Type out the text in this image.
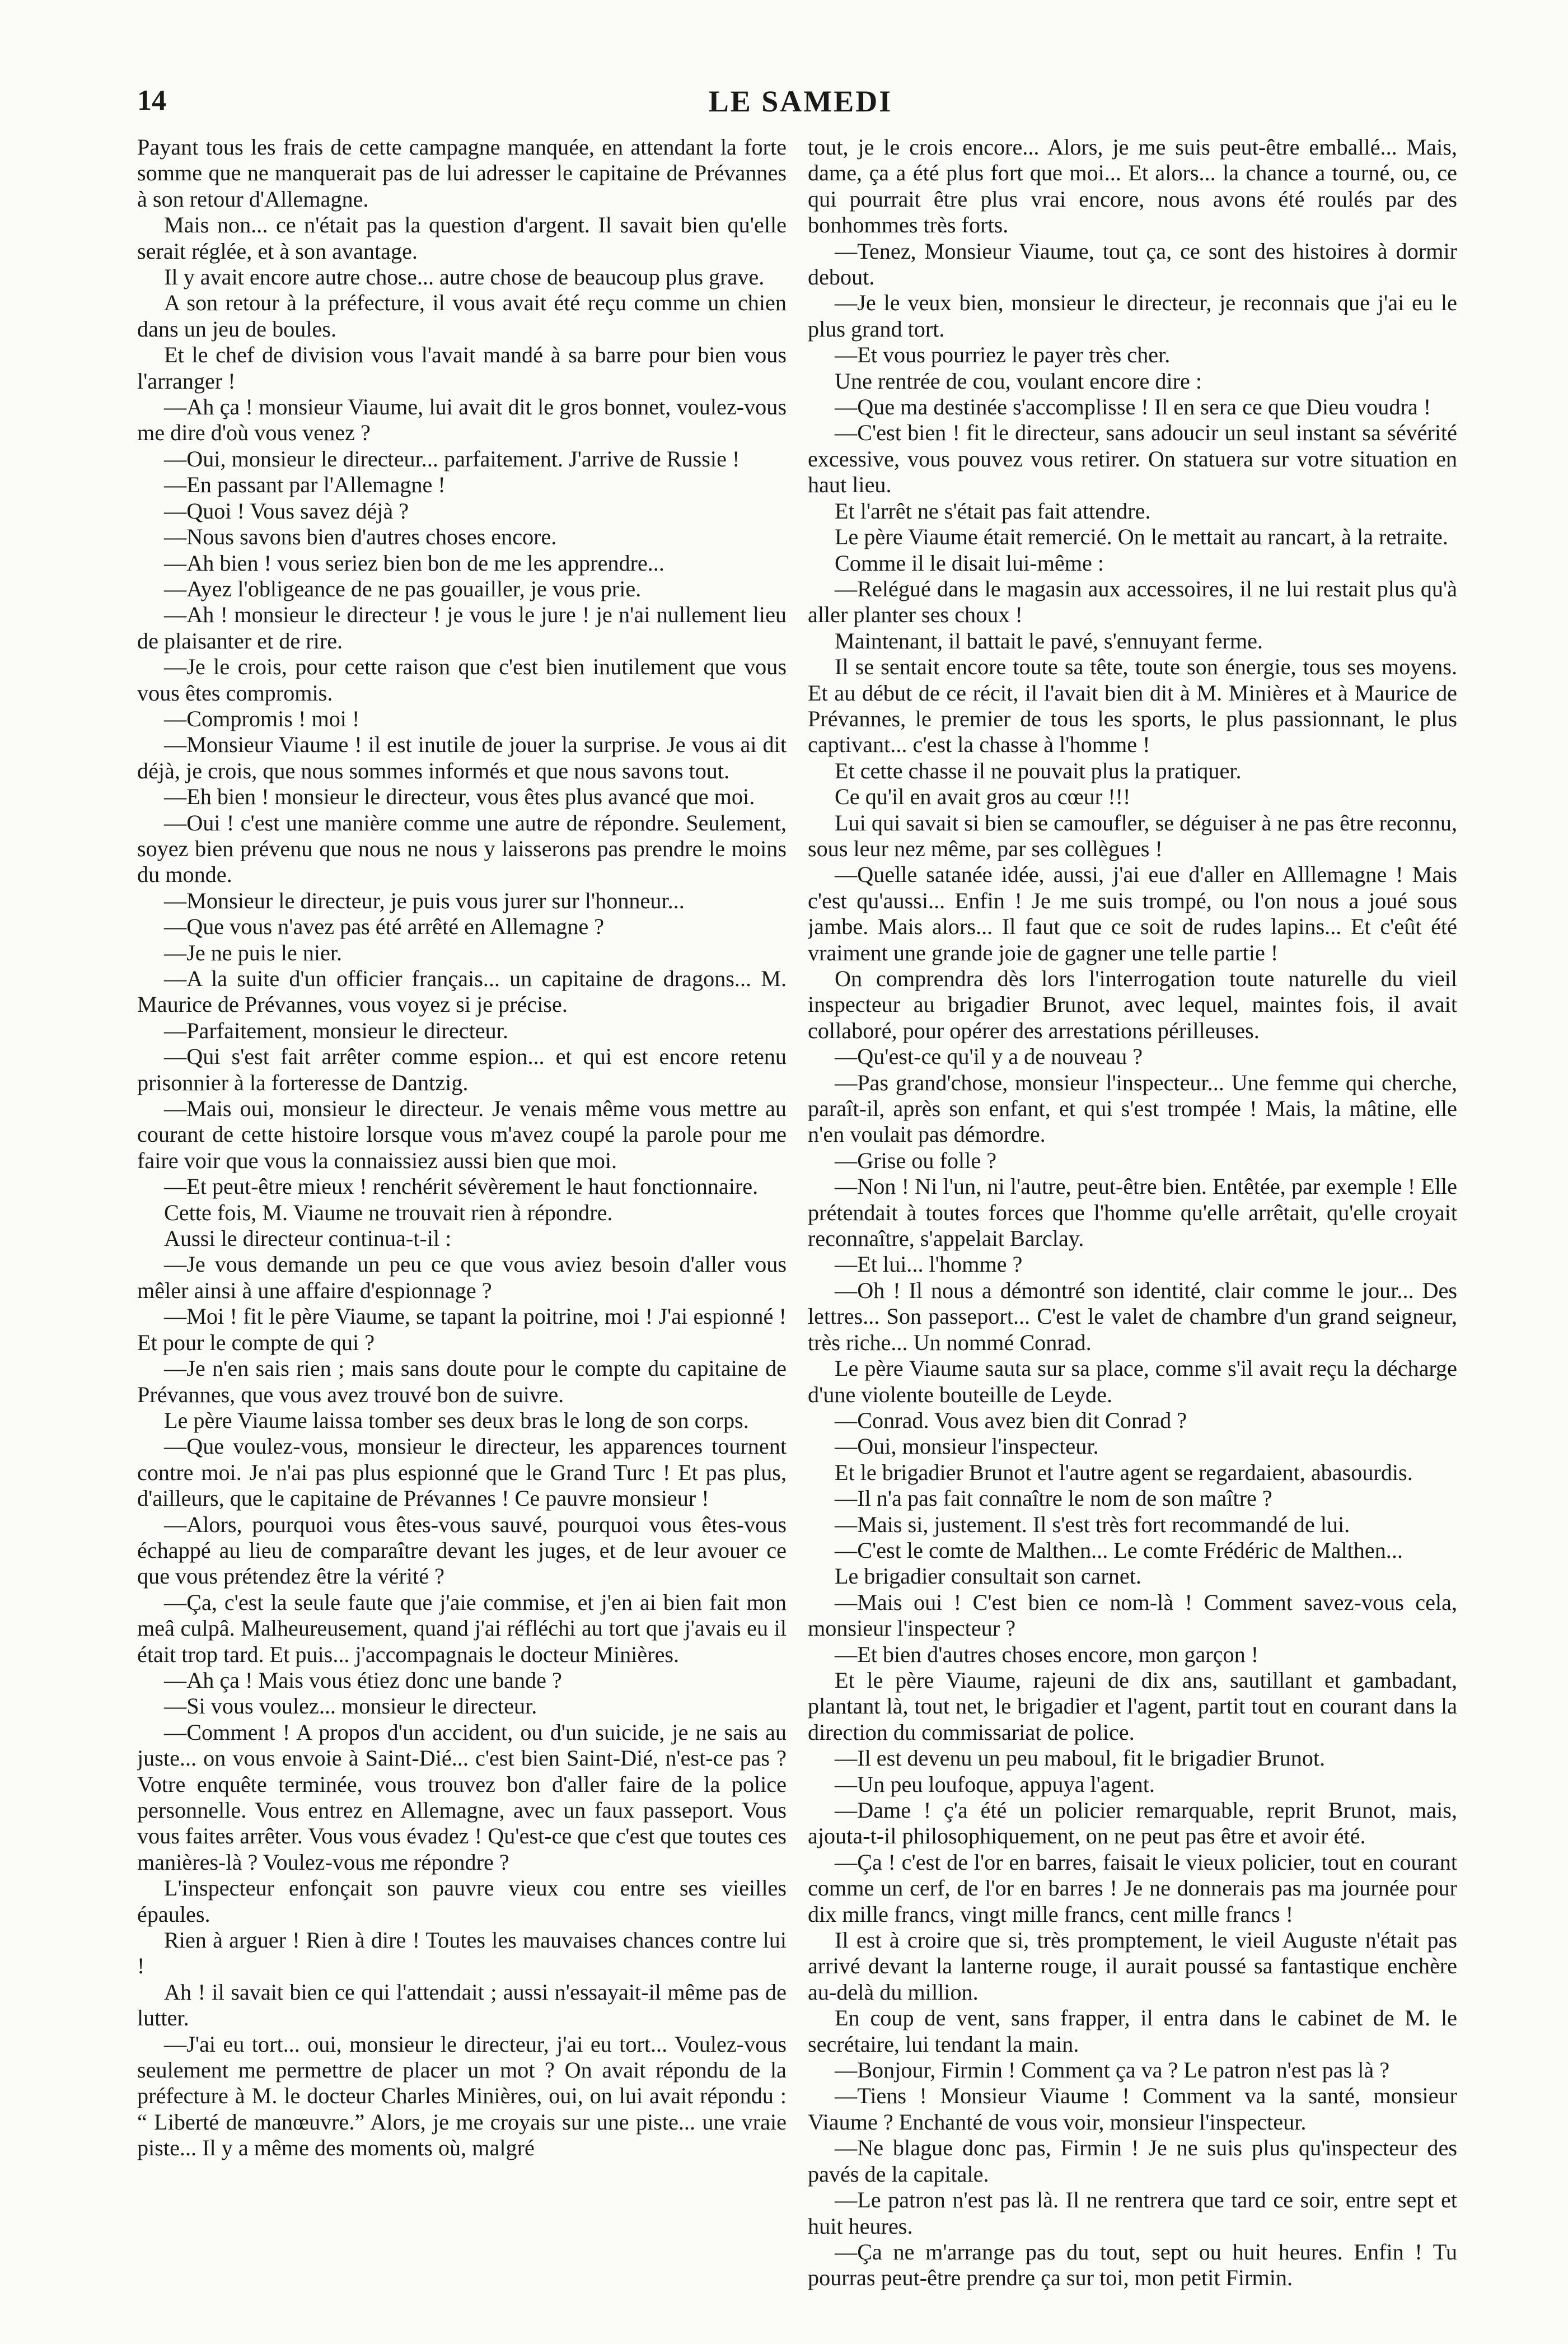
14	LE SAMEDI

Payant tous les frais de cette campagne manquée, en attendant la forte somme que ne manquerait pas de lui adresser le capitaine de Prévannes à son retour d'Allemagne.

Mais non... ce n'était pas la question d'argent. Il savait bien qu'elle serait réglée, et à son avantage.

Il y avait encore autre chose... autre chose de beaucoup plus grave.

A son retour à la préfecture, il vous avait été reçu comme un chien dans un jeu de boules.

Et le chef de division vous l'avait mandé à sa barre pour bien vous l'arranger !

—Ah ça ! monsieur Viaume, lui avait dit le gros bonnet, voulez-vous me dire d'où vous venez ?

—Oui, monsieur le directeur... parfaitement. J'arrive de Russie !

—En passant par l'Allemagne !

—Quoi ! Vous savez déjà ?

—Nous savons bien d'autres choses encore.

—Ah bien ! vous seriez bien bon de me les apprendre...

—Ayez l'obligeance de ne pas gouailler, je vous prie.

—Ah ! monsieur le directeur ! je vous le jure ! je n'ai nullement lieu de plaisanter et de rire.

—Je le crois, pour cette raison que c'est bien inutilement que vous vous êtes compromis.

—Compromis ! moi !

—Monsieur Viaume ! il est inutile de jouer la surprise. Je vous ai dit déjà, je crois, que nous sommes informés et que nous savons tout.

—Eh bien ! monsieur le directeur, vous êtes plus avancé que moi.

—Oui ! c'est une manière comme une autre de répondre. Seulement, soyez bien prévenu que nous ne nous y laisserons pas prendre le moins du monde.

—Monsieur le directeur, je puis vous jurer sur l'honneur...

—Que vous n'avez pas été arrêté en Allemagne ?

—Je ne puis le nier.

—A la suite d'un officier français... un capitaine de dragons... M. Maurice de Prévannes, vous voyez si je précise.

—Parfaitement, monsieur le directeur.

—Qui s'est fait arrêter comme espion... et qui est encore retenu prisonnier à la forteresse de Dantzig.

—Mais oui, monsieur le directeur. Je venais même vous mettre au courant de cette histoire lorsque vous m'avez coupé la parole pour me faire voir que vous la connaissiez aussi bien que moi.

—Et peut-être mieux ! renchérit sévèrement le haut fonctionnaire.

Cette fois, M. Viaume ne trouvait rien à répondre.

Aussi le directeur continua-t-il :

—Je vous demande un peu ce que vous aviez besoin d'aller vous mêler ainsi à une affaire d'espionnage ?

—Moi ! fit le père Viaume, se tapant la poitrine, moi ! J'ai espionné ! Et pour le compte de qui ?

—Je n'en sais rien ; mais sans doute pour le compte du capitaine de Prévannes, que vous avez trouvé bon de suivre.

Le père Viaume laissa tomber ses deux bras le long de son corps.

—Que voulez-vous, monsieur le directeur, les apparences tournent contre moi. Je n'ai pas plus espionné que le Grand Turc ! Et pas plus, d'ailleurs, que le capitaine de Prévannes ! Ce pauvre monsieur !

—Alors, pourquoi vous êtes-vous sauvé, pourquoi vous êtes-vous échappé au lieu de comparaître devant les juges, et de leur avouer ce que vous prétendez être la vérité ?

—Ça, c'est la seule faute que j'aie commise, et j'en ai bien fait mon meâ culpâ. Malheureusement, quand j'ai réfléchi au tort que j'avais eu il était trop tard. Et puis... j'accompagnais le docteur Minières.

—Ah ça ! Mais vous étiez donc une bande ?

—Si vous voulez... monsieur le directeur.

—Comment ! A propos d'un accident, ou d'un suicide, je ne sais au juste... on vous envoie à Saint-Dié... c'est bien Saint-Dié, n'est-ce pas ? Votre enquête terminée, vous trouvez bon d'aller faire de la police personnelle. Vous entrez en Allemagne, avec un faux passeport. Vous vous faites arrêter. Vous vous évadez ! Qu'est-ce que c'est que toutes ces manières-là ? Voulez-vous me répondre ?

L'inspecteur enfonçait son pauvre vieux cou entre ses vieilles épaules.

Rien à arguer ! Rien à dire ! Toutes les mauvaises chances contre lui !

Ah ! il savait bien ce qui l'attendait ; aussi n'essayait-il même pas de lutter.

—J'ai eu tort... oui, monsieur le directeur, j'ai eu tort... Voulez-vous seulement me permettre de placer un mot ? On avait répondu de la préfecture à M. le docteur Charles Minières, oui, on lui avait répondu : “ Liberté de manœuvre.” Alors, je me croyais sur une piste... une vraie piste... Il y a même des moments où, malgré

tout, je le crois encore... Alors, je me suis peut-être emballé... Mais, dame, ça a été plus fort que moi... Et alors... la chance a tourné, ou, ce qui pourrait être plus vrai encore, nous avons été roulés par des bonhommes très forts.

—Tenez, Monsieur Viaume, tout ça, ce sont des histoires à dormir debout.

—Je le veux bien, monsieur le directeur, je reconnais que j'ai eu le plus grand tort.

—Et vous pourriez le payer très cher.

Une rentrée de cou, voulant encore dire :

—Que ma destinée s'accomplisse ! Il en sera ce que Dieu voudra !

—C'est bien ! fit le directeur, sans adoucir un seul instant sa sévérité excessive, vous pouvez vous retirer. On statuera sur votre situation en haut lieu.

Et l'arrêt ne s'était pas fait attendre.

Le père Viaume était remercié. On le mettait au rancart, à la retraite.

Comme il le disait lui-même :

—Relégué dans le magasin aux accessoires, il ne lui restait plus qu'à aller planter ses choux !

Maintenant, il battait le pavé, s'ennuyant ferme.

Il se sentait encore toute sa tête, toute son énergie, tous ses moyens. Et au début de ce récit, il l'avait bien dit à M. Minières et à Maurice de Prévannes, le premier de tous les sports, le plus passionnant, le plus captivant... c'est la chasse à l'homme !

Et cette chasse il ne pouvait plus la pratiquer.

Ce qu'il en avait gros au cœur !!!

Lui qui savait si bien se camoufler, se déguiser à ne pas être reconnu, sous leur nez même, par ses collègues !

—Quelle satanée idée, aussi, j'ai eue d'aller en Alllemagne ! Mais c'est qu'aussi... Enfin ! Je me suis trompé, ou l'on nous a joué sous jambe. Mais alors... Il faut que ce soit de rudes lapins... Et c'eût été vraiment une grande joie de gagner une telle partie !

On comprendra dès lors l'interrogation toute naturelle du vieil inspecteur au brigadier Brunot, avec lequel, maintes fois, il avait collaboré, pour opérer des arrestations périlleuses.

—Qu'est-ce qu'il y a de nouveau ?

—Pas grand'chose, monsieur l'inspecteur... Une femme qui cherche, paraît-il, après son enfant, et qui s'est trompée ! Mais, la mâtine, elle n'en voulait pas démordre.

—Grise ou folle ?

—Non ! Ni l'un, ni l'autre, peut-être bien. Entêtée, par exemple ! Elle prétendait à toutes forces que l'homme qu'elle arrêtait, qu'elle croyait reconnaître, s'appelait Barclay.

—Et lui... l'homme ?

—Oh ! Il nous a démontré son identité, clair comme le jour... Des lettres... Son passeport... C'est le valet de chambre d'un grand seigneur, très riche... Un nommé Conrad.

Le père Viaume sauta sur sa place, comme s'il avait reçu la décharge d'une violente bouteille de Leyde.

—Conrad. Vous avez bien dit Conrad ?

—Oui, monsieur l'inspecteur.

Et le brigadier Brunot et l'autre agent se regardaient, abasourdis.

—Il n'a pas fait connaître le nom de son maître ?

—Mais si, justement. Il s'est très fort recommandé de lui.

—C'est le comte de Malthen... Le comte Frédéric de Malthen...

Le brigadier consultait son carnet.

—Mais oui ! C'est bien ce nom-là ! Comment savez-vous cela, monsieur l'inspecteur ?

—Et bien d'autres choses encore, mon garçon !

Et le père Viaume, rajeuni de dix ans, sautillant et gambadant, plantant là, tout net, le brigadier et l'agent, partit tout en courant dans la direction du commissariat de police.

—Il est devenu un peu maboul, fit le brigadier Brunot.

—Un peu loufoque, appuya l'agent.

—Dame ! ç'a été un policier remarquable, reprit Brunot, mais, ajouta-t-il philosophiquement, on ne peut pas être et avoir été.

—Ça ! c'est de l'or en barres, faisait le vieux policier, tout en courant comme un cerf, de l'or en barres ! Je ne donnerais pas ma journée pour dix mille francs, vingt mille francs, cent mille francs !

Il est à croire que si, très promptement, le vieil Auguste n'était pas arrivé devant la lanterne rouge, il aurait poussé sa fantastique enchère au-delà du million.

En coup de vent, sans frapper, il entra dans le cabinet de M. le secrétaire, lui tendant la main.

—Bonjour, Firmin ! Comment ça va ? Le patron n'est pas là ?

—Tiens ! Monsieur Viaume ! Comment va la santé, monsieur Viaume ? Enchanté de vous voir, monsieur l'inspecteur.

—Ne blague donc pas, Firmin ! Je ne suis plus qu'inspecteur des pavés de la capitale.

—Le patron n'est pas là. Il ne rentrera que tard ce soir, entre sept et huit heures.

—Ça ne m'arrange pas du tout, sept ou huit heures. Enfin ! Tu pourras peut-être prendre ça sur toi, mon petit Firmin.
